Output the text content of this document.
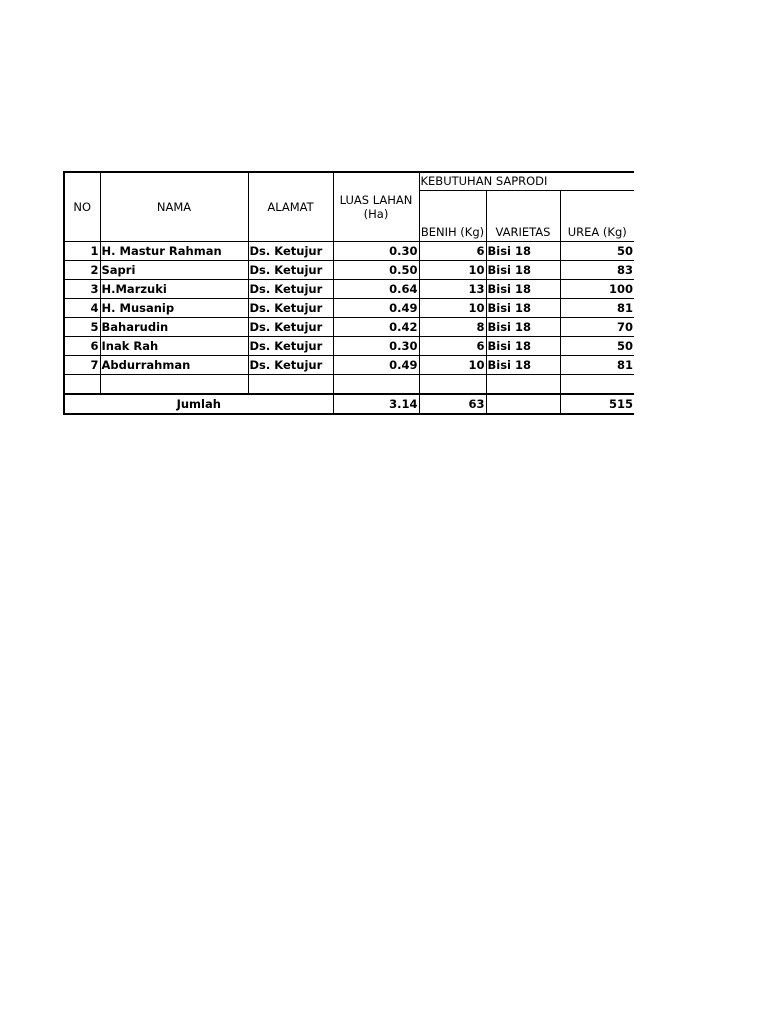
NO	NAMA	ALAMAT	LUAS LAHAN (Ha)	KEBUTUHAN SAPRODI		
				BENIH (Kg)	VARIETAS	UREA (Kg)
1	H. Mastur Rahman	Ds. Ketujur	0.30	6	Bisi 18	50
2	Sapri	Ds. Ketujur	0.50	10	Bisi 18	83
3	H.Marzuki	Ds. Ketujur	0.64	13	Bisi 18	100
4	H. Musanip	Ds. Ketujur	0.49	10	Bisi 18	81
5	Baharudin	Ds. Ketujur	0.42	8	Bisi 18	70
6	Inak Rah	Ds. Ketujur	0.30	6	Bisi 18	50
7	Abdurrahman	Ds. Ketujur	0.49	10	Bisi 18	81

Jumlah			3.14	63		515
